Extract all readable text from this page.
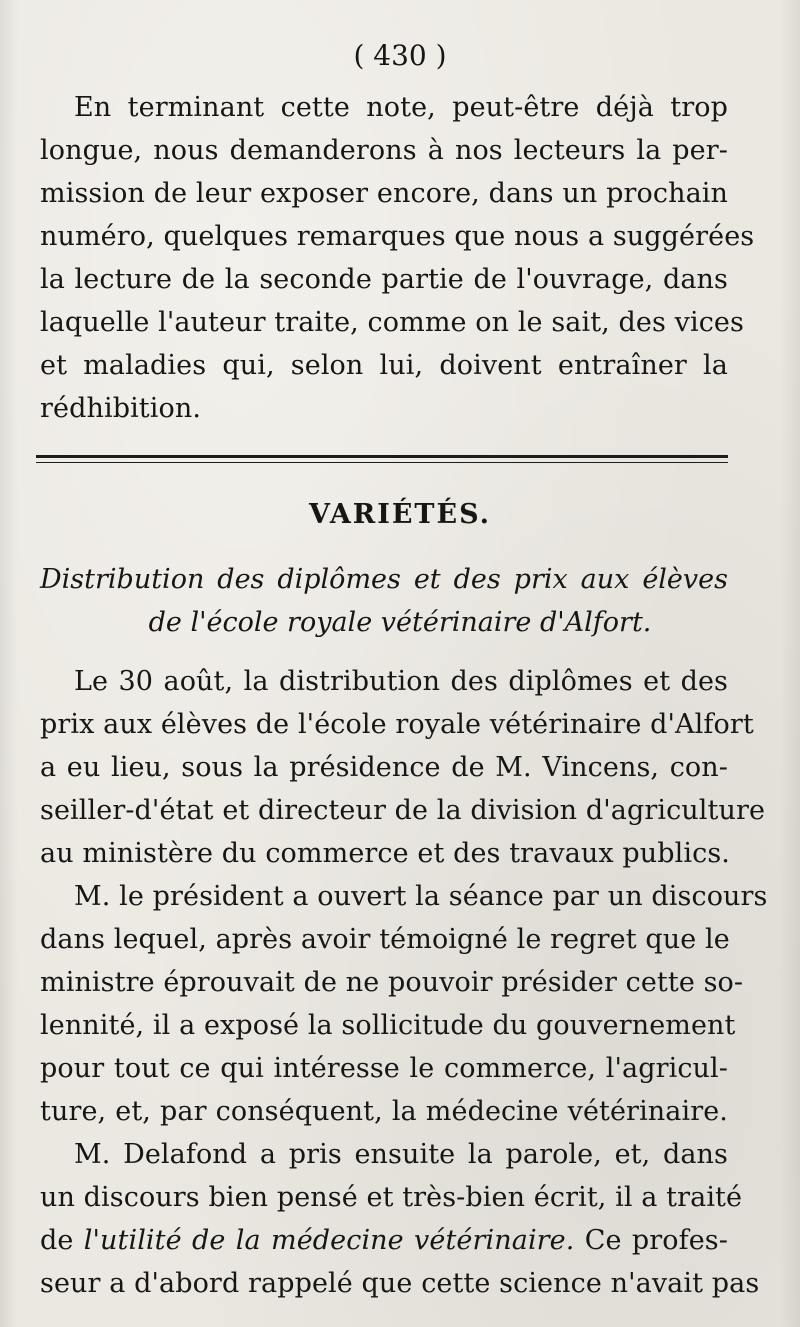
( 430 )
En terminant cette note, peut-être déjà trop
longue, nous demanderons à nos lecteurs la per-
mission de leur exposer encore, dans un prochain
numéro, quelques remarques que nous a suggérées
la lecture de la seconde partie de l'ouvrage, dans
laquelle l'auteur traite, comme on le sait, des vices
et maladies qui, selon lui, doivent entraîner la
rédhibition.
VARIÉTÉS.
Distribution des diplômes et des prix aux élèves
de l'école royale vétérinaire d'Alfort.
Le 30 août, la distribution des diplômes et des
prix aux élèves de l'école royale vétérinaire d'Alfort
a eu lieu, sous la présidence de M. Vincens, con-
seiller-d'état et directeur de la division d'agriculture
au ministère du commerce et des travaux publics.
M. le président a ouvert la séance par un discours
dans lequel, après avoir témoigné le regret que le
ministre éprouvait de ne pouvoir présider cette so-
lennité, il a exposé la sollicitude du gouvernement
pour tout ce qui intéresse le commerce, l'agricul-
ture, et, par conséquent, la médecine vétérinaire.
M. Delafond a pris ensuite la parole, et, dans
un discours bien pensé et très-bien écrit, il a traité
de l'utilité de la médecine vétérinaire. Ce profes-
seur a d'abord rappelé que cette science n'avait pas
